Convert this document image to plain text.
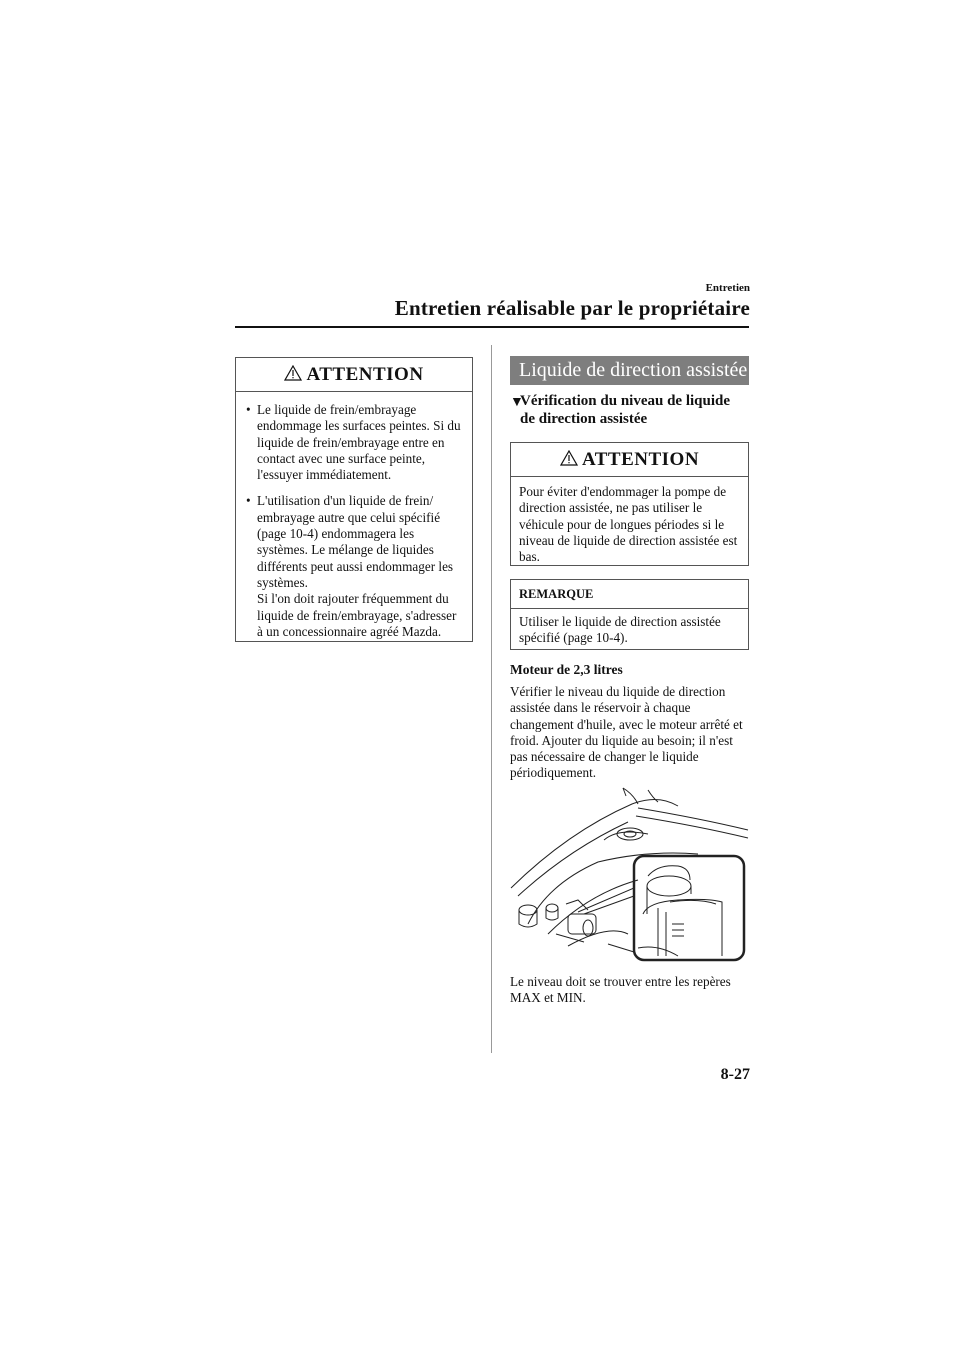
Entretien
Entretien réalisable par le propriétaire
ATTENTION
• Le liquide de frein/embrayage endommage les surfaces peintes. Si du liquide de frein/embrayage entre en contact avec une surface peinte, l'essuyer immédiatement.
• L'utilisation d'un liquide de frein/ embrayage autre que celui spécifié (page 10-4) endommagera les systèmes. Le mélange de liquides différents peut aussi endommager les systèmes.
Si l'on doit rajouter fréquemment du liquide de frein/embrayage, s'adresser à un concessionnaire agréé Mazda.
Liquide de direction assistée
▼
Vérification du niveau de liquide
de direction assistée
ATTENTION
Pour éviter d'endommager la pompe de direction assistée, ne pas utiliser le véhicule pour de longues périodes si le niveau de liquide de direction assistée est bas.
REMARQUE
Utiliser le liquide de direction assistée spécifié (page 10-4).
Moteur de 2,3 litres
Vérifier le niveau du liquide de direction assistée dans le réservoir à chaque changement d'huile, avec le moteur arrêté et froid. Ajouter du liquide au besoin; il n'est pas nécessaire de changer le liquide périodiquement.
Le niveau doit se trouver entre les repères MAX et MIN.
8-27
